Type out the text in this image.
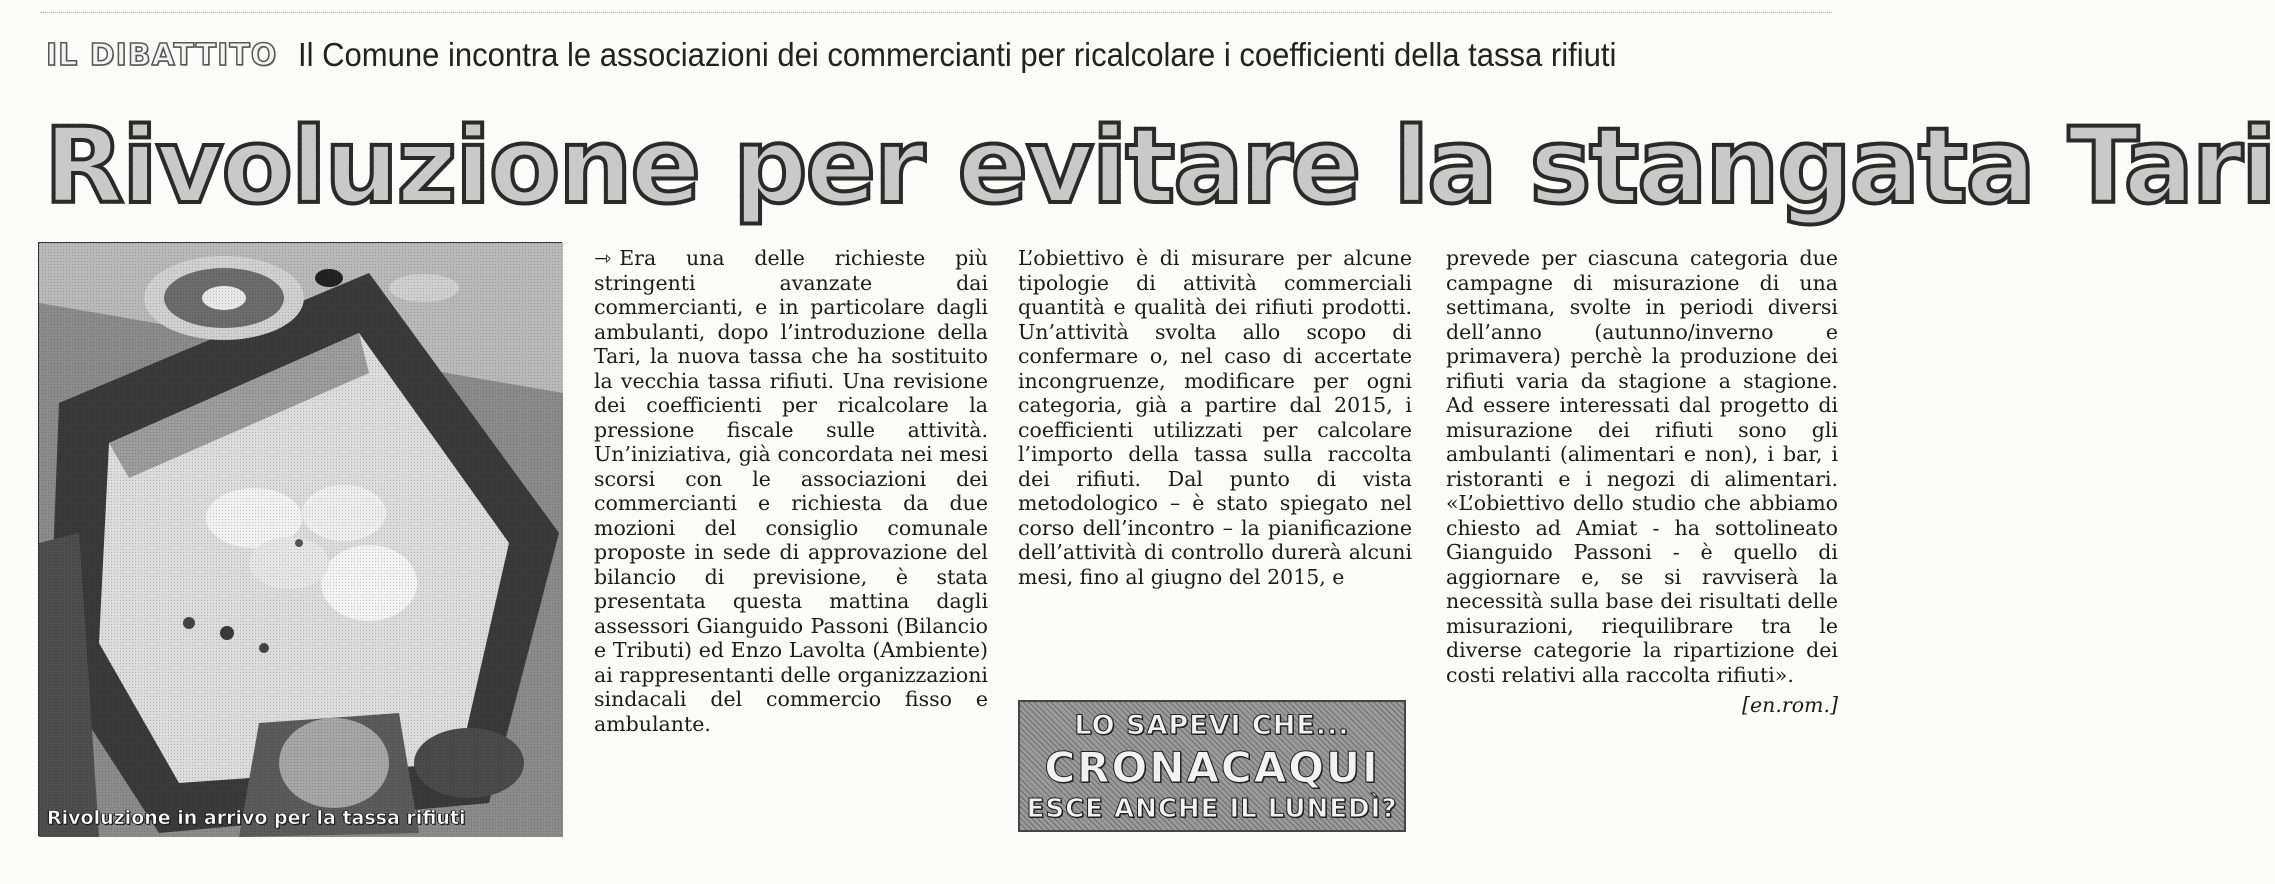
IL DIBATTITO Il Comune incontra le associazioni dei commercianti per ricalcolare i coefficienti della tassa rifiuti
Rivoluzione per evitare la stangata Tari
Rivoluzione in arrivo per la tassa rifiuti

⇾ Era una delle richieste più stringenti avanzate dai commercianti, e in particolare dagli ambulanti, dopo l’introduzione della Tari, la nuova tassa che ha sostituito la vecchia tassa rifiuti. Una revisione dei coefficienti per ricalcolare la pressione fiscale sulle attività. Un’iniziativa, già concordata nei mesi scorsi con le associazioni dei commercianti e richiesta da due mozioni del consiglio comunale proposte in sede di approvazione del bilancio di previsione, è stata presentata questa mattina dagli assessori Gianguido Passoni (Bilancio e Tributi) ed Enzo Lavolta (Ambiente) ai rappresentanti delle organizzazioni sindacali del commercio fisso e ambulante.

L’obiettivo è di misurare per alcune tipologie di attività commerciali quantità e qualità dei rifiuti prodotti. Un’attività svolta allo scopo di confermare o, nel caso di accertate incongruenze, modificare per ogni categoria, già a partire dal 2015, i coefficienti utilizzati per calcolare l’importo della tassa sulla raccolta dei rifiuti. Dal punto di vista metodologico – è stato spiegato nel corso dell’incontro – la pianificazione dell’attività di controllo durerà alcuni mesi, fino al giugno del 2015, e

prevede per ciascuna categoria due campagne di misurazione di una settimana, svolte in periodi diversi dell’anno (autunno/inverno e primavera) perchè la produzione dei rifiuti varia da stagione a stagione. Ad essere interessati dal progetto di misurazione dei rifiuti sono gli ambulanti (alimentari e non), i bar, i ristoranti e i negozi di alimentari. «L’obiettivo dello studio che abbiamo chiesto ad Amiat - ha sottolineato Gianguido Passoni - è quello di aggiornare e, se si ravviserà la necessità sulla base dei risultati delle misurazioni, riequilibrare tra le diverse categorie la ripartizione dei costi relativi alla raccolta rifiuti».
[en.rom.]
LO SAPEVI CHE...
CRONACAQUI
ESCE ANCHE IL LUNEDÌ?
